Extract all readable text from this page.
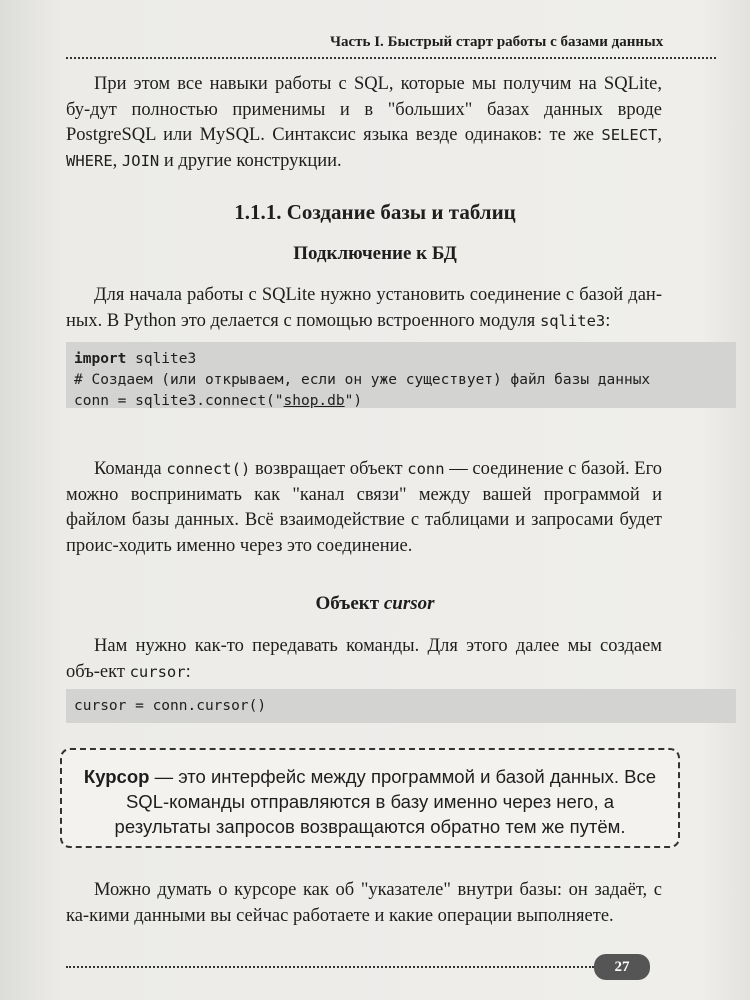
Часть I. Быстрый старт работы с базами данных
При этом все навыки работы с SQL, которые мы получим на SQLite, бу-дут полностью применимы и в "больших" базах данных вроде PostgreSQL или MySQL. Синтаксис языка везде одинаков: те же SELECT, WHERE, JOIN и другие конструкции.
1.1.1. Создание базы и таблиц
Подключение к БД
Для начала работы с SQLite нужно установить соединение с базой дан-ных. В Python это делается с помощью встроенного модуля sqlite3:
import sqlite3
# Создаем (или открываем, если он уже существует) файл базы данных
conn = sqlite3.connect("shop.db")
Команда connect() возвращает объект conn — соединение с базой. Его можно воспринимать как "канал связи" между вашей программой и файлом базы данных. Всё взаимодействие с таблицами и запросами будет проис-ходить именно через это соединение.
Объект cursor
Нам нужно как-то передавать команды. Для этого далее мы создаем объ-ект cursor:
cursor = conn.cursor()
Курсор — это интерфейс между программой и базой данных. Все SQL-команды отправляются в базу именно через него, а результаты запросов возвращаются обратно тем же путём.
Можно думать о курсоре как об "указателе" внутри базы: он задаёт, с ка-кими данными вы сейчас работаете и какие операции выполняете.
27
